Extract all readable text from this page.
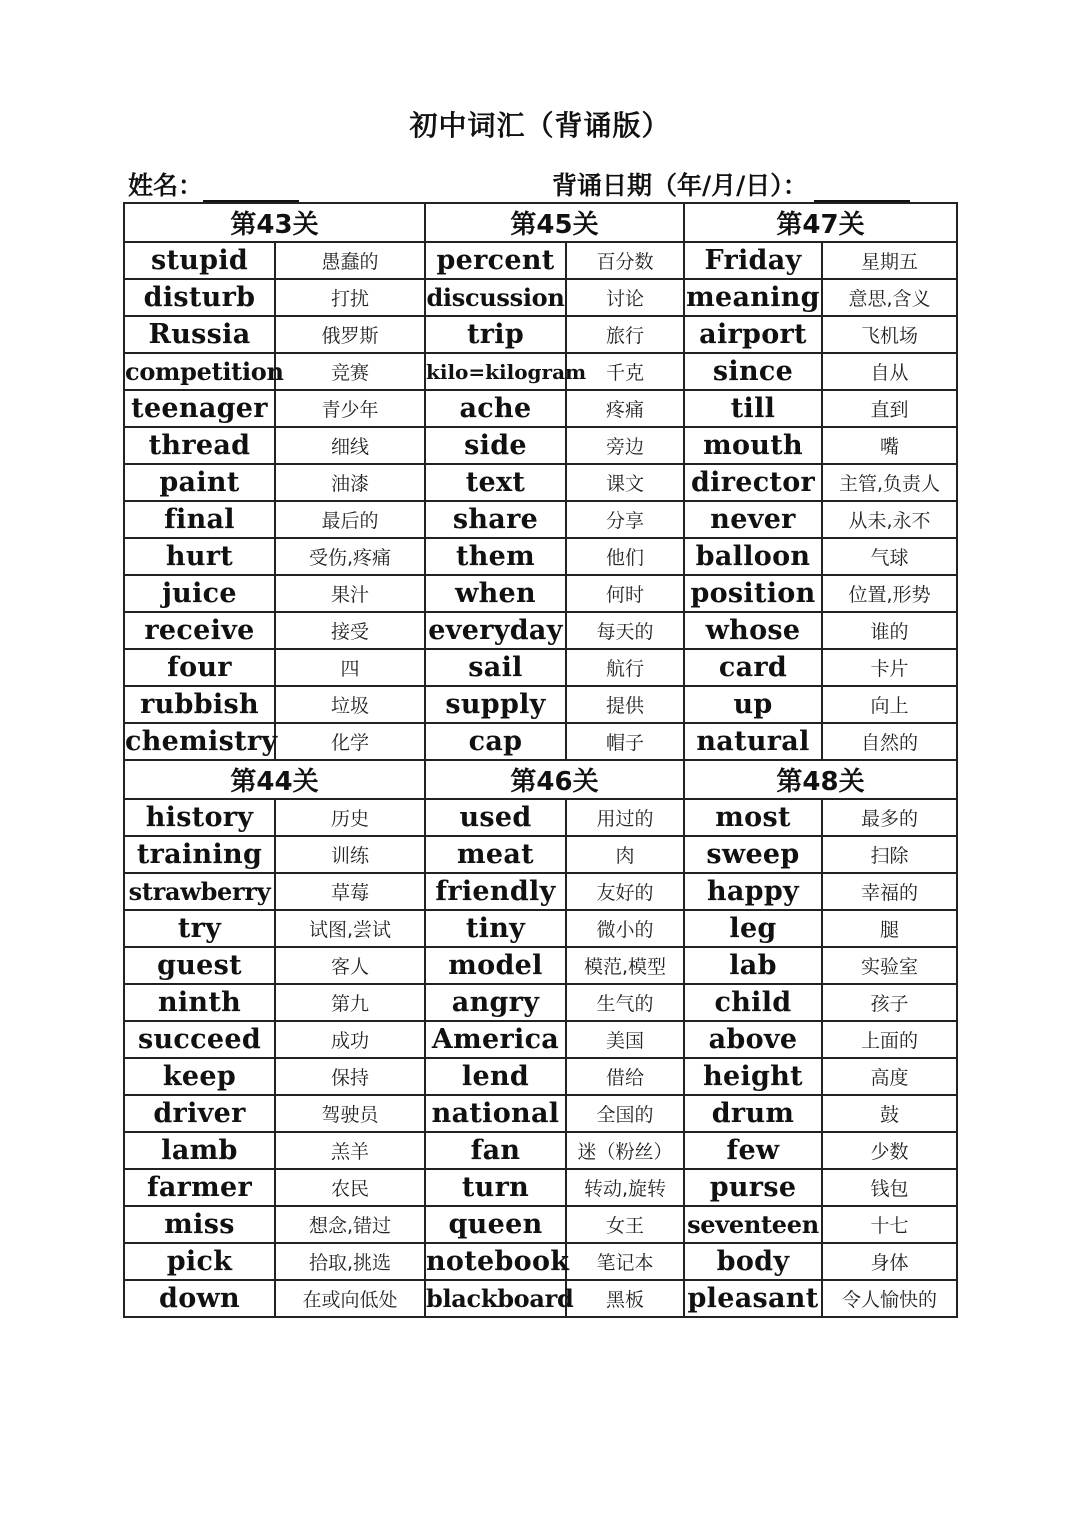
初中词汇（背诵版）
姓名：	背诵日期（年/月/日）：
第43关		第45关		第47关	
stupid	愚蠢的	percent	百分数	Friday	星期五
disturb	打扰	discussion	讨论	meaning	意思,含义
Russia	俄罗斯	trip	旅行	airport	飞机场
competition	竞赛	kilo=kilogram	千克	since	自从
teenager	青少年	ache	疼痛	till	直到
thread	细线	side	旁边	mouth	嘴
paint	油漆	text	课文	director	主管,负责人
final	最后的	share	分享	never	从未,永不
hurt	受伤,疼痛	them	他们	balloon	气球
juice	果汁	when	何时	position	位置,形势
receive	接受	everyday	每天的	whose	谁的
four	四	sail	航行	card	卡片
rubbish	垃圾	supply	提供	up	向上
chemistry	化学	cap	帽子	natural	自然的
第44关		第46关		第48关	
history	历史	used	用过的	most	最多的
training	训练	meat	肉	sweep	扫除
strawberry	草莓	friendly	友好的	happy	幸福的
try	试图,尝试	tiny	微小的	leg	腿
guest	客人	model	模范,模型	lab	实验室
ninth	第九	angry	生气的	child	孩子
succeed	成功	America	美国	above	上面的
keep	保持	lend	借给	height	高度
driver	驾驶员	national	全国的	drum	鼓
lamb	羔羊	fan	迷（粉丝）	few	少数
farmer	农民	turn	转动,旋转	purse	钱包
miss	想念,错过	queen	女王	seventeen	十七
pick	拾取,挑选	notebook	笔记本	body	身体
down	在或向低处	blackboard	黑板	pleasant	令人愉快的
